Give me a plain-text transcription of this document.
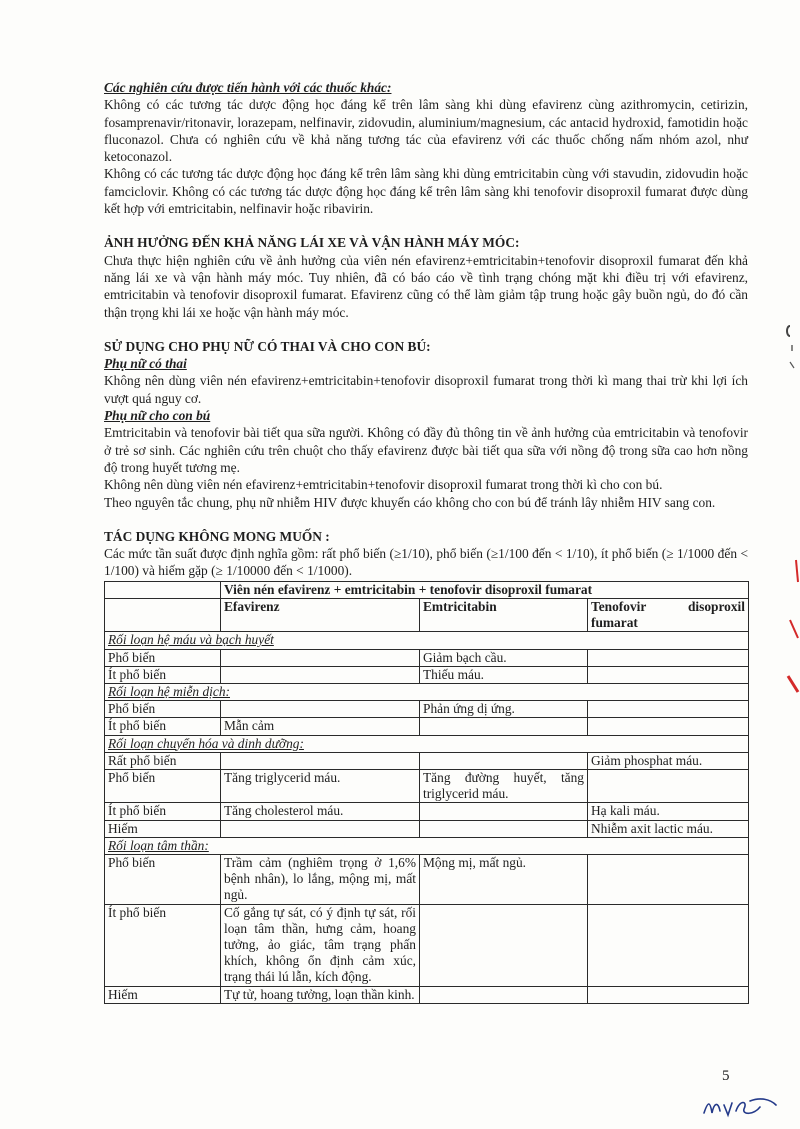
Các nghiên cứu được tiến hành với các thuốc khác:

Không có các tương tác dược động học đáng kể trên lâm sàng khi dùng efavirenz cùng azithromycin, cetirizin, fosamprenavir/ritonavir, lorazepam, nelfinavir, zidovudin, aluminium/magnesium, các antacid hydroxid, famotidin hoặc fluconazol. Chưa có nghiên cứu về khả năng tương tác của efavirenz với các thuốc chống nấm nhóm azol, như ketoconazol.

Không có các tương tác dược động học đáng kể trên lâm sàng khi dùng emtricitabin cùng với stavudin, zidovudin hoặc famciclovir. Không có các tương tác dược động học đáng kể trên lâm sàng khi tenofovir disoproxil fumarat được dùng kết hợp với emtricitabin, nelfinavir hoặc ribavirin.

ẢNH HƯỞNG ĐẾN KHẢ NĂNG LÁI XE VÀ VẬN HÀNH MÁY MÓC:

Chưa thực hiện nghiên cứu về ảnh hưởng của viên nén efavirenz+emtricitabin+tenofovir disoproxil fumarat đến khả năng lái xe và vận hành máy móc. Tuy nhiên, đã có báo cáo về tình trạng chóng mặt khi điều trị với efavirenz, emtricitabin và tenofovir disoproxil fumarat. Efavirenz cũng có thể làm giảm tập trung hoặc gây buồn ngủ, do đó cần thận trọng khi lái xe hoặc vận hành máy móc.

SỬ DỤNG CHO PHỤ NỮ CÓ THAI VÀ CHO CON BÚ:

Phụ nữ có thai

Không nên dùng viên nén efavirenz+emtricitabin+tenofovir disoproxil fumarat trong thời kì mang thai trừ khi lợi ích vượt quá nguy cơ.

Phụ nữ cho con bú

Emtricitabin và tenofovir bài tiết qua sữa người. Không có đầy đủ thông tin về ảnh hưởng của emtricitabin và tenofovir ở trẻ sơ sinh. Các nghiên cứu trên chuột cho thấy efavirenz được bài tiết qua sữa với nồng độ trong sữa cao hơn nồng độ trong huyết tương mẹ.

Không nên dùng viên nén efavirenz+emtricitabin+tenofovir disoproxil fumarat trong thời kì cho con bú.

Theo nguyên tắc chung, phụ nữ nhiễm HIV được khuyến cáo không cho con bú để tránh lây nhiễm HIV sang con.

TÁC DỤNG KHÔNG MONG MUỐN :

Các mức tần suất được định nghĩa gồm: rất phổ biến (≥1/10), phổ biến (≥1/100 đến < 1/10), ít phổ biến (≥ 1/1000 đến < 1/100) và hiếm gặp (≥ 1/10000 đến < 1/1000).

	Viên nén efavirenz + emtricitabin + tenofovir disoproxil fumarat		
	Efavirenz	Emtricitabin	Tenofovir disoproxil fumarat
Rối loạn hệ máu và bạch huyết			
Phổ biến		Giảm bạch cầu.	
Ít phổ biến		Thiếu máu.	
Rối loạn hệ miễn dịch:			
Phổ biến		Phản ứng dị ứng.	
Ít phổ biến	Mẫn cảm		
Rối loạn chuyển hóa và dinh dưỡng:			
Rất phổ biến			Giảm phosphat máu.
Phổ biến	Tăng triglycerid máu.	Tăng đường huyết, tăng triglycerid máu.	
Ít phổ biến	Tăng cholesterol máu.		Hạ kali máu.
Hiếm			Nhiễm axit lactic máu.
Rối loạn tâm thần:			
Phổ biến	Trầm cảm (nghiêm trọng ở 1,6% bệnh nhân), lo lắng, mộng mị, mất ngủ.	Mộng mị, mất ngủ.	
Ít phổ biến	Cố gắng tự sát, có ý định tự sát, rối loạn tâm thần, hưng cảm, hoang tưởng, ảo giác, tâm trạng phấn khích, không ổn định cảm xúc, trạng thái lú lẫn, kích động.		
Hiếm	Tự tử, hoang tưởng, loạn thần kinh.		
5
